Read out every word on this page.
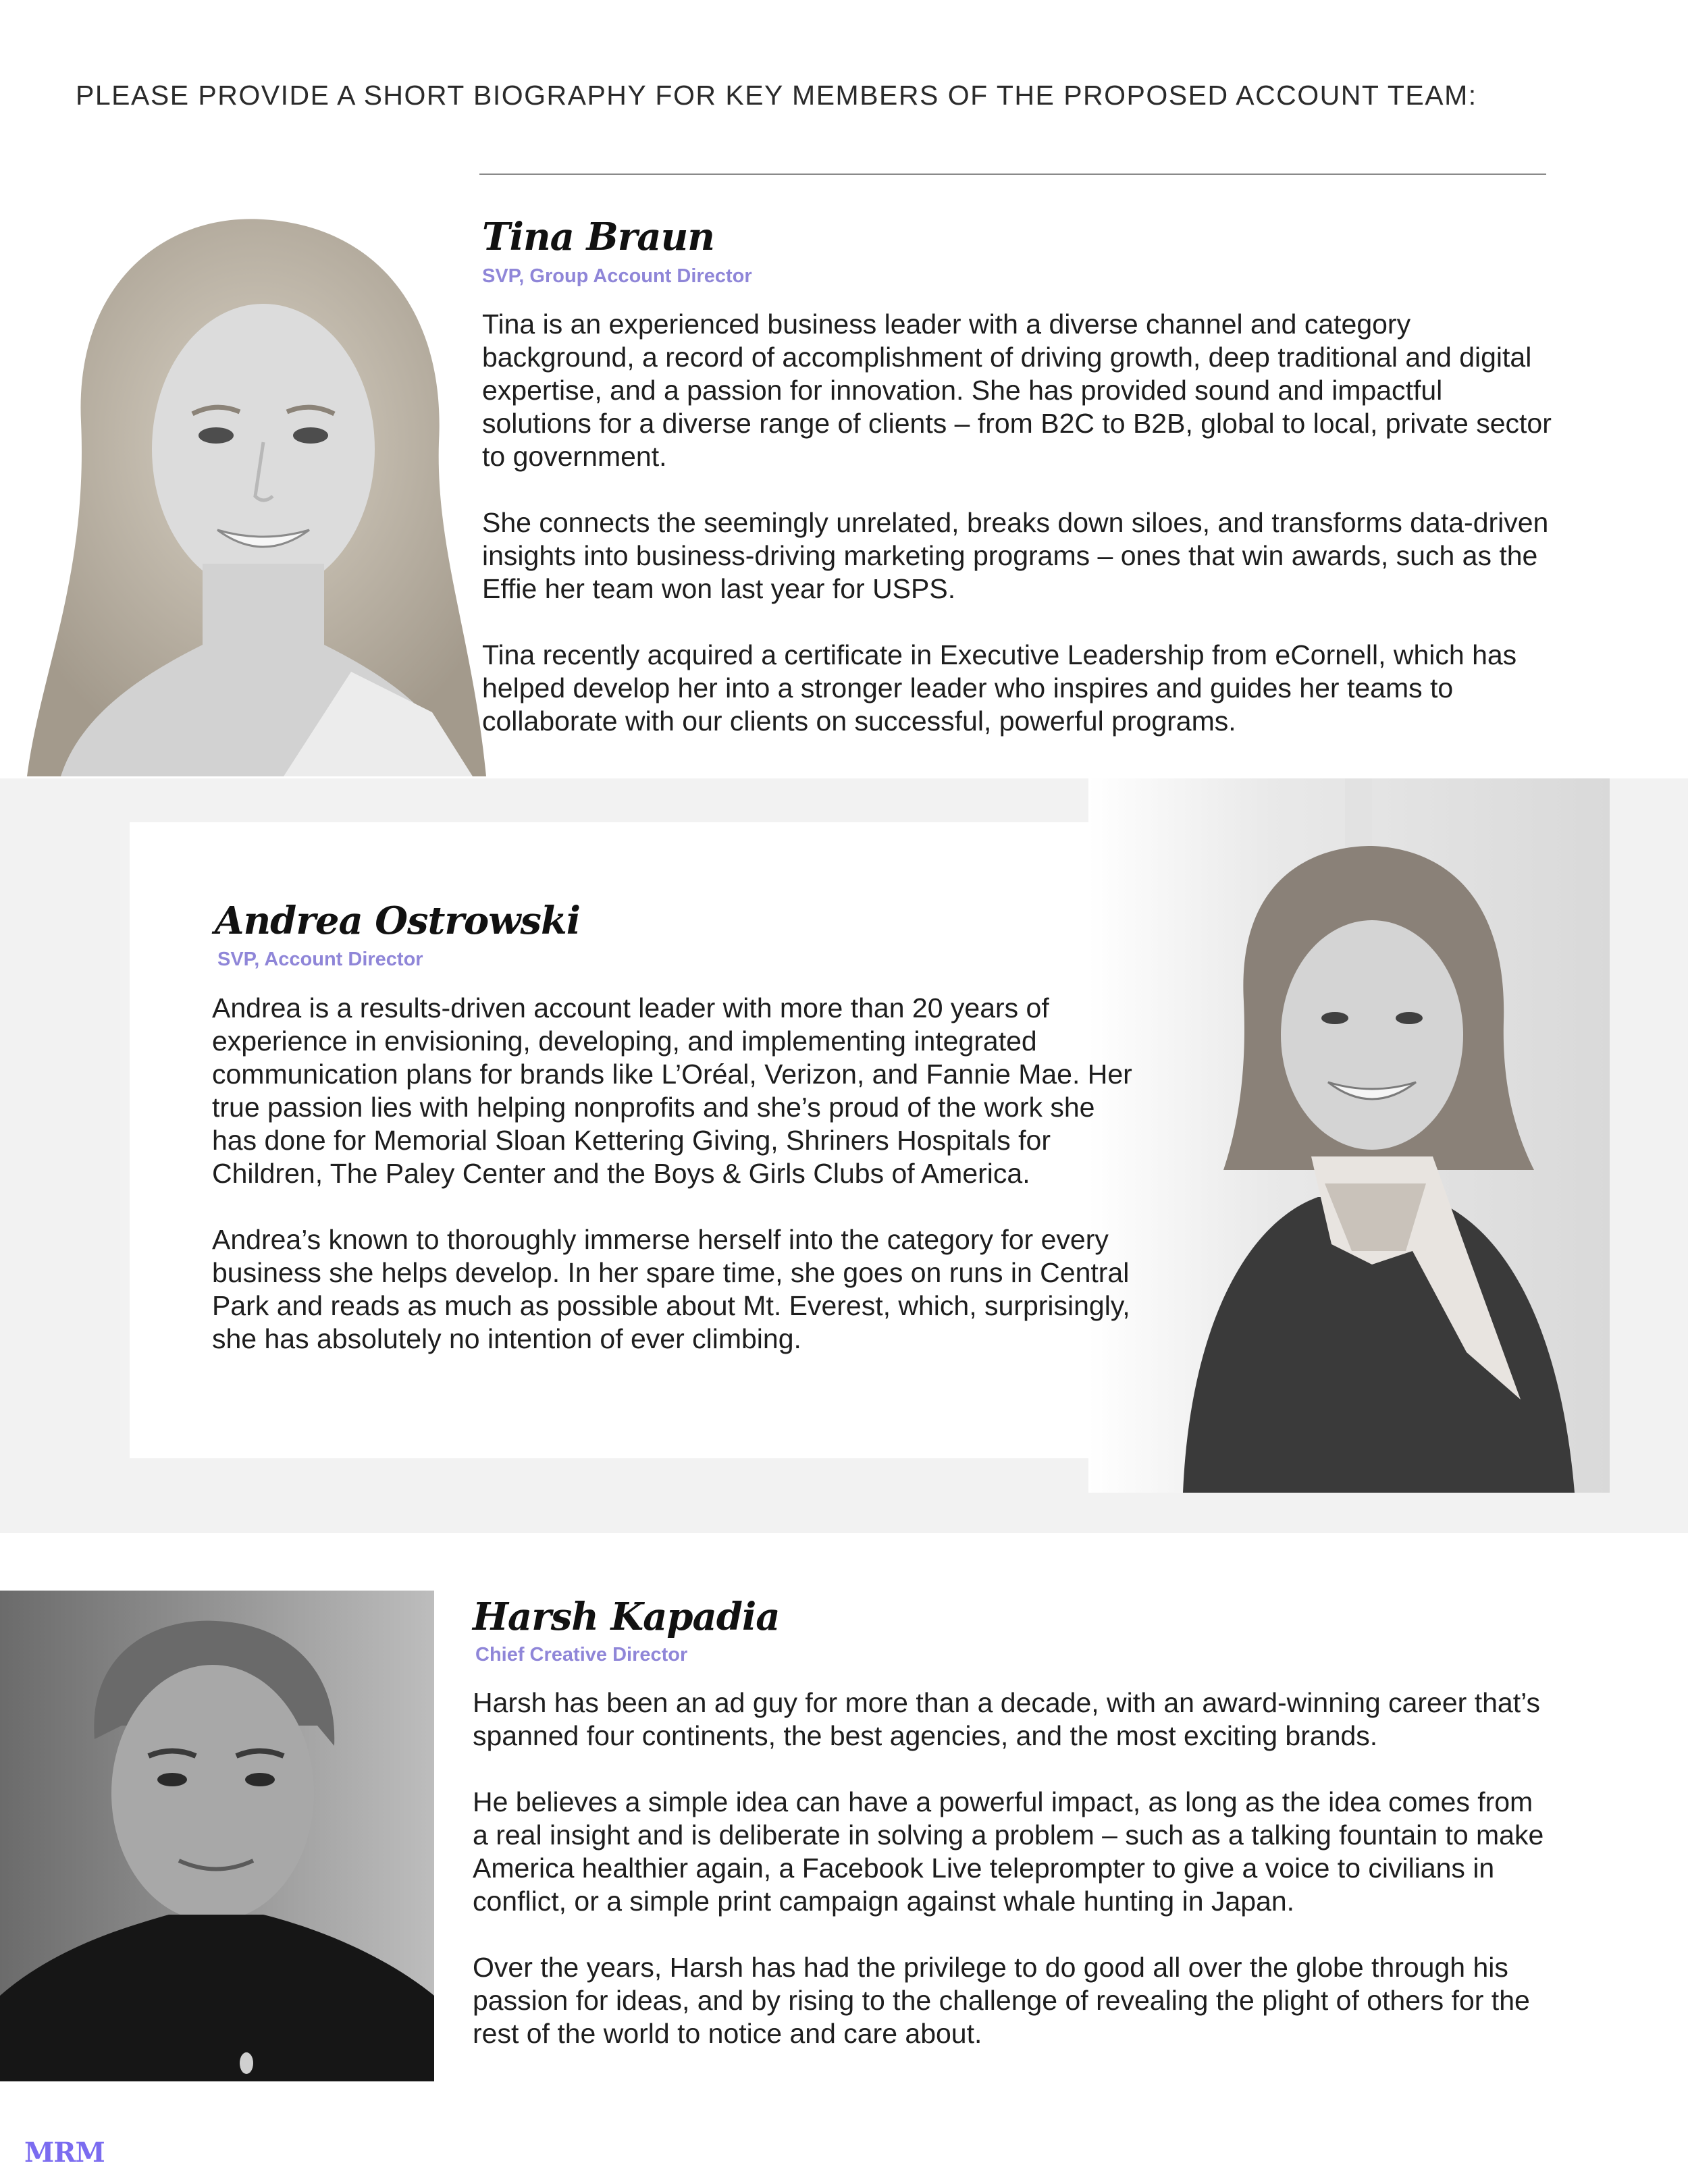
PLEASE PROVIDE A SHORT BIOGRAPHY FOR KEY MEMBERS OF THE PROPOSED ACCOUNT TEAM:
Tina Braun
SVP, Group Account Director

Tina is an experienced business leader with a diverse channel and category background, a record of accomplishment of driving growth, deep traditional and digital expertise, and a passion for innovation. She has provided sound and impactful solutions for a diverse range of clients – from B2C to B2B, global to local, private sector to government.

She connects the seemingly unrelated, breaks down siloes, and transforms data-driven insights into business-driving marketing programs – ones that win awards, such as the Effie her team won last year for USPS.

Tina recently acquired a certificate in Executive Leadership from eCornell, which has helped develop her into a stronger leader who inspires and guides her teams to collaborate with our clients on successful, powerful programs.

Andrea Ostrowski
SVP, Account Director

Andrea is a results-driven account leader with more than 20 years of experience in envisioning, developing, and implementing integrated communication plans for brands like L’Oréal, Verizon, and Fannie Mae. Her true passion lies with helping nonprofits and she’s proud of the work she has done for Memorial Sloan Kettering Giving, Shriners Hospitals for Children, The Paley Center and the Boys & Girls Clubs of America.

Andrea’s known to thoroughly immerse herself into the category for every business she helps develop. In her spare time, she goes on runs in Central Park and reads as much as possible about Mt. Everest, which, surprisingly, she has absolutely no intention of ever climbing.

Harsh Kapadia
Chief Creative Director

Harsh has been an ad guy for more than a decade, with an award-winning career that’s spanned four continents, the best agencies, and the most exciting brands.

He believes a simple idea can have a powerful impact, as long as the idea comes from a real insight and is deliberate in solving a problem – such as a talking fountain to make America healthier again, a Facebook Live teleprompter to give a voice to civilians in conflict, or a simple print campaign against whale hunting in Japan.

Over the years, Harsh has had the privilege to do good all over the globe through his passion for ideas, and by rising to the challenge of revealing the plight of others for the rest of the world to notice and care about.

MRM
